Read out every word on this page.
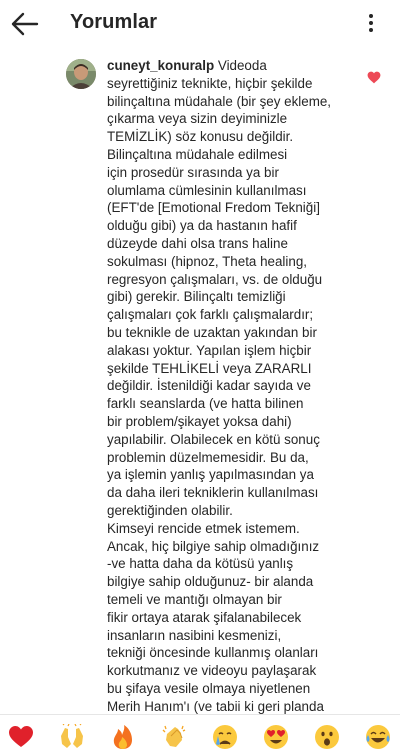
Yorumlar
cuneyt_konuralp Videoda
seyrettiğiniz teknikte, hiçbir şekilde
bilinçaltına müdahale (bir şey ekleme,
çıkarma veya sizin deyiminizle
TEMİZLİK) söz konusu değildir.
Bilinçaltına müdahale edilmesi
için prosedür sırasında ya bir
olumlama cümlesinin kullanılması
(EFT'de [Emotional Fredom Tekniği]
olduğu gibi) ya da hastanın hafif
düzeyde dahi olsa trans haline
sokulması (hipnoz, Theta healing,
regresyon çalışmaları, vs. de olduğu
gibi) gerekir. Bilinçaltı temizliği
çalışmaları çok farklı çalışmalardır;
bu teknikle de uzaktan yakından bir
alakası yoktur. Yapılan işlem hiçbir
şekilde TEHLİKELİ veya ZARARLI
değildir. İstenildiği kadar sayıda ve
farklı seanslarda (ve hatta bilinen
bir problem/şikayet yoksa dahi)
yapılabilir. Olabilecek en kötü sonuç
problemin düzelmemesidir. Bu da,
ya işlemin yanlış yapılmasından ya
da daha ileri tekniklerin kullanılması
gerektiğinden olabilir.
Kimseyi rencide etmek istemem.
Ancak, hiç bilgiye sahip olmadığınız
-ve hatta daha da kötüsü yanlış
bilgiye sahip olduğunuz- bir alanda
temeli ve mantığı olmayan bir
fikir ortaya atarak şifalanabilecek
insanların nasibini kesmenizi,
tekniği öncesinde kullanmış olanları
korkutmanız ve videoyu paylaşarak
bu şifaya vesile olmaya niyetlenen
Merih Hanım'ı (ve tabii ki geri planda
